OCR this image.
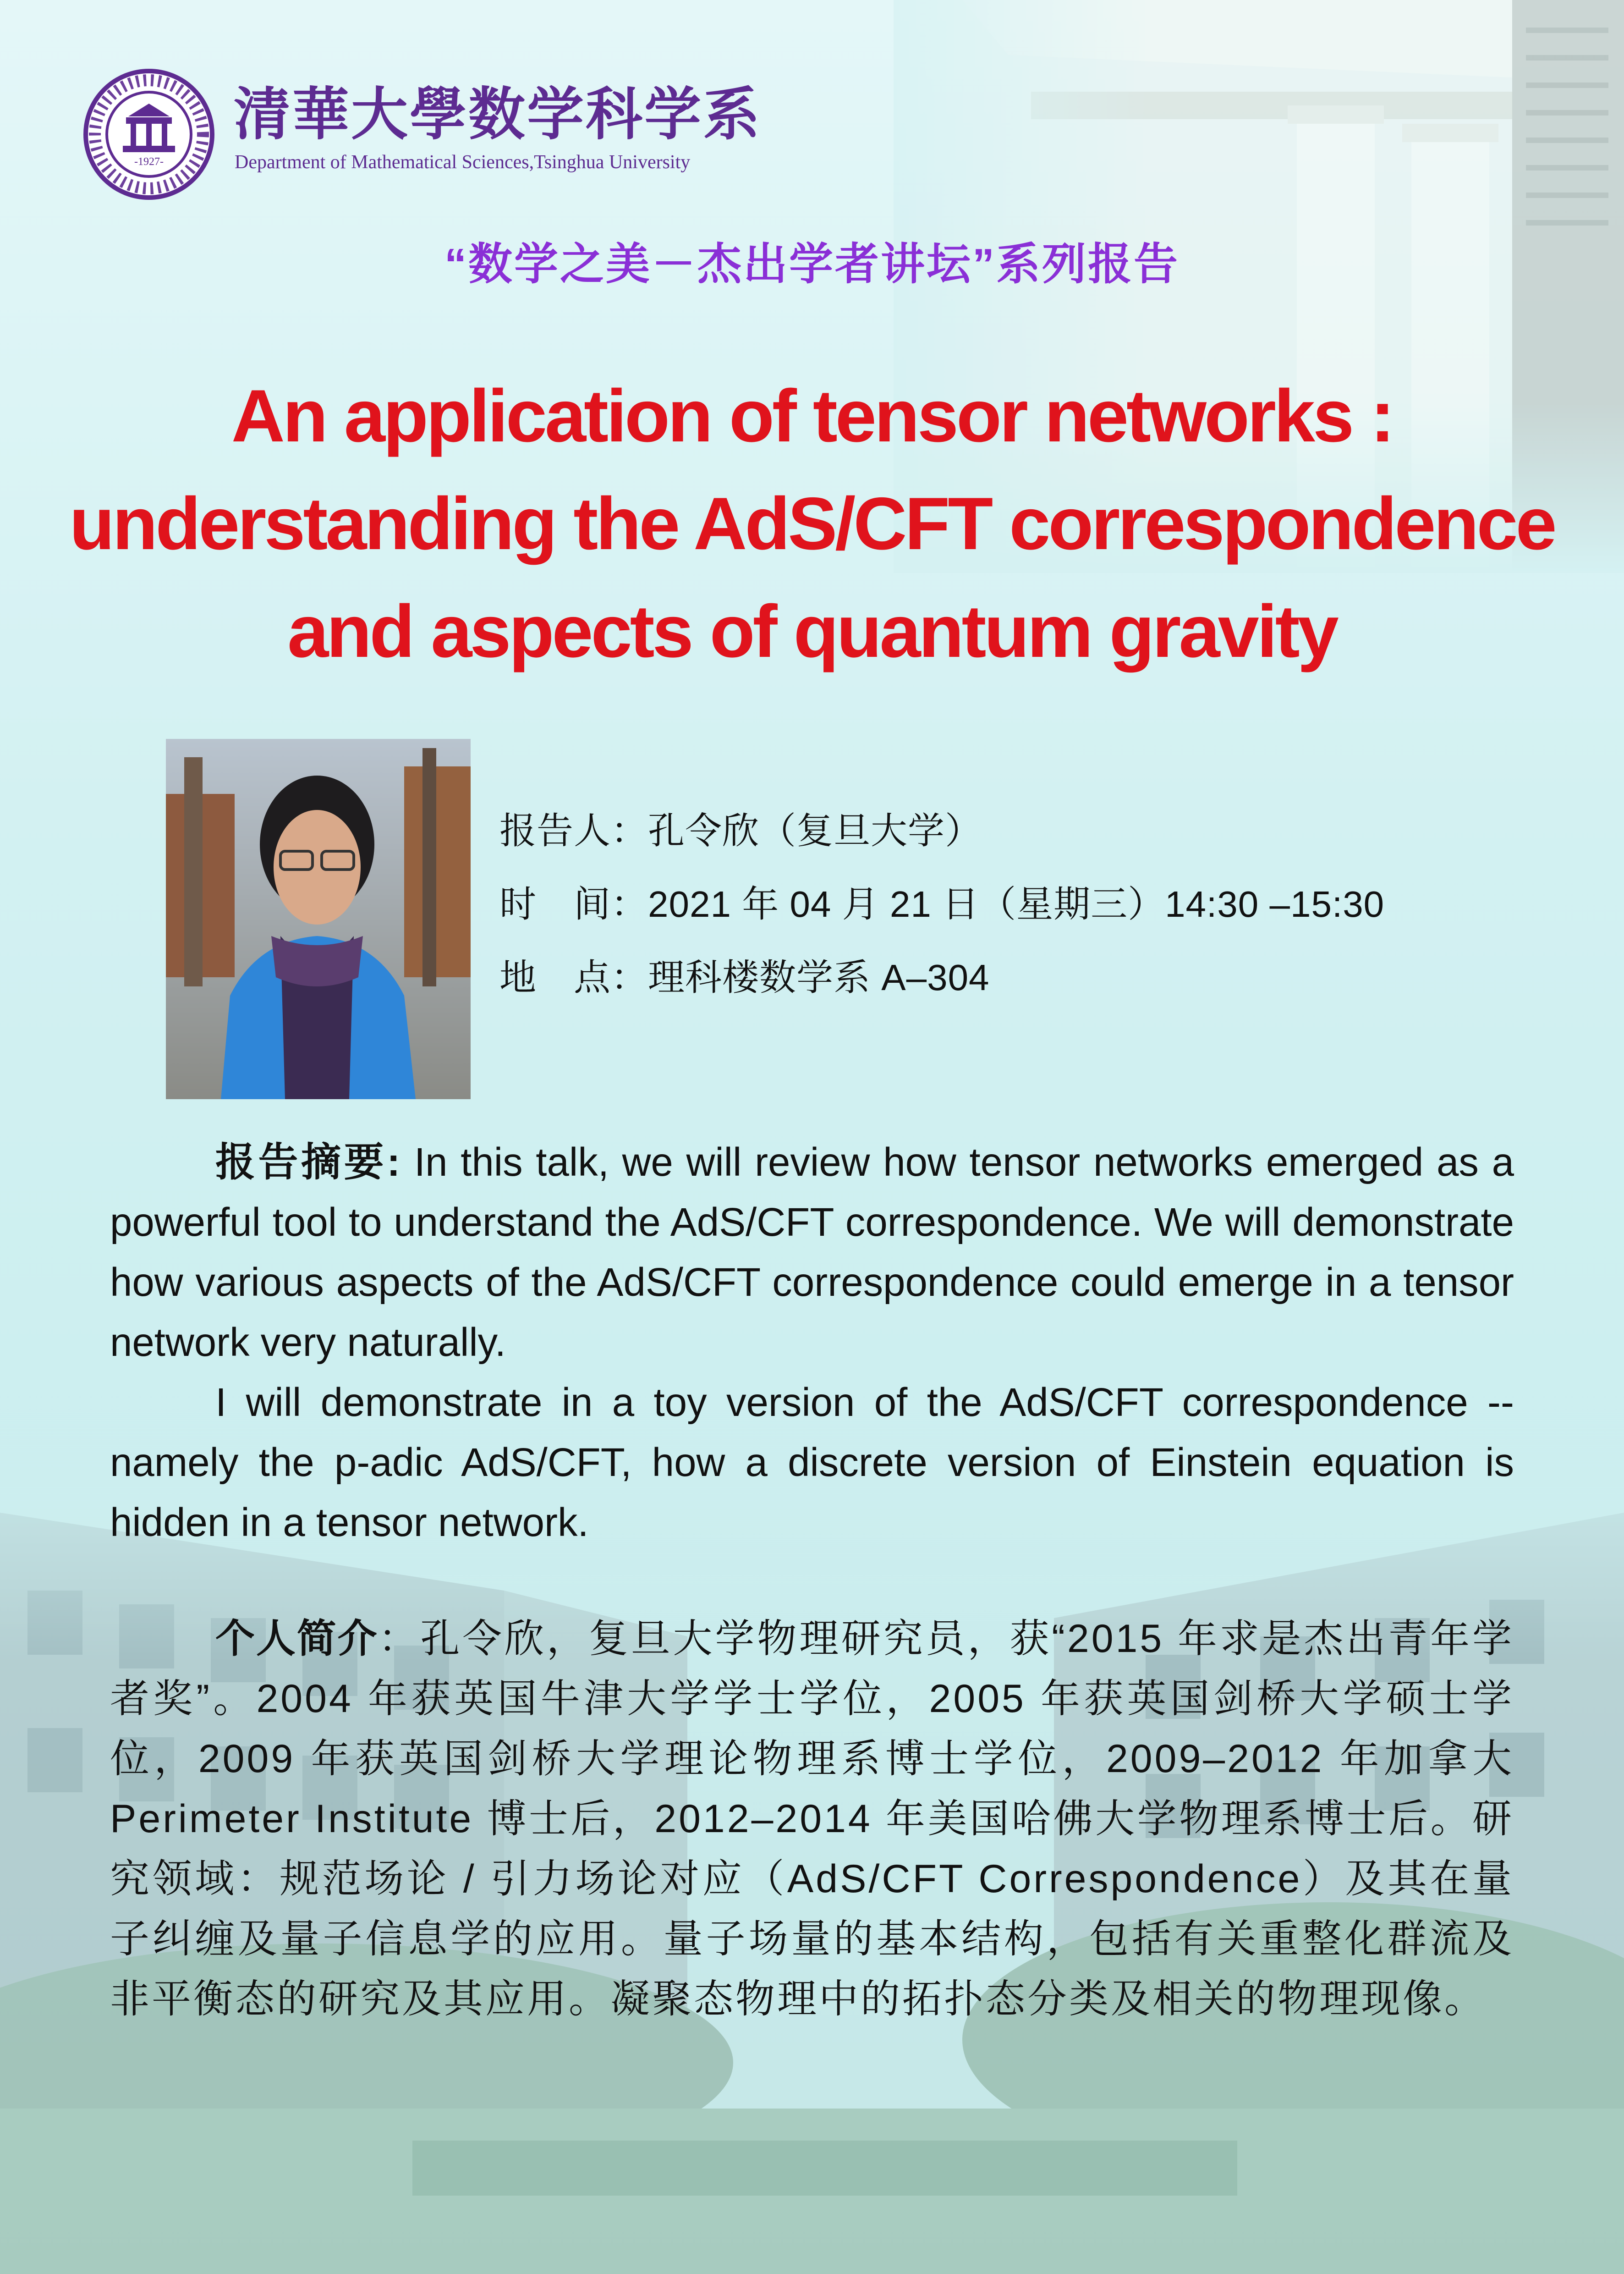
-1927-
清華大學数学科学系
Department of Mathematical Sciences,Tsinghua University
“数学之美－杰出学者讲坛”系列报告
An application of tensor networks :
understanding the AdS/CFT correspondence
and aspects of quantum gravity
报告人：孔令欣（复旦大学）
时　间：2021 年 04 月 21 日（星期三）14:30 –15:30
地　点：理科楼数学系 A–304

报告摘要: In this talk, we will review how tensor networks emerged as a powerful tool to understand the AdS/CFT correspondence. We will demonstrate how various aspects of the AdS/CFT correspondence could emerge in a tensor network very naturally.

I will demonstrate in a toy version of the AdS/CFT correspondence -- namely the p-adic AdS/CFT, how a discrete version of Einstein equation is hidden in a tensor network.

个人简介：孔令欣，复旦大学物理研究员，获“2015 年求是杰出青年学者奖”。2004 年获英国牛津大学学士学位，2005 年获英国剑桥大学硕士学位，2009 年获英国剑桥大学理论物理系博士学位，2009–2012 年加拿大 Perimeter Institute 博士后，2012–2014 年美国哈佛大学物理系博士后。研究领域：规范场论 / 引力场论对应（AdS/CFT Correspondence）及其在量子纠缠及量子信息学的应用。量子场量的基本结构，包括有关重整化群流及非平衡态的研究及其应用。凝聚态物理中的拓扑态分类及相关的物理现像。
